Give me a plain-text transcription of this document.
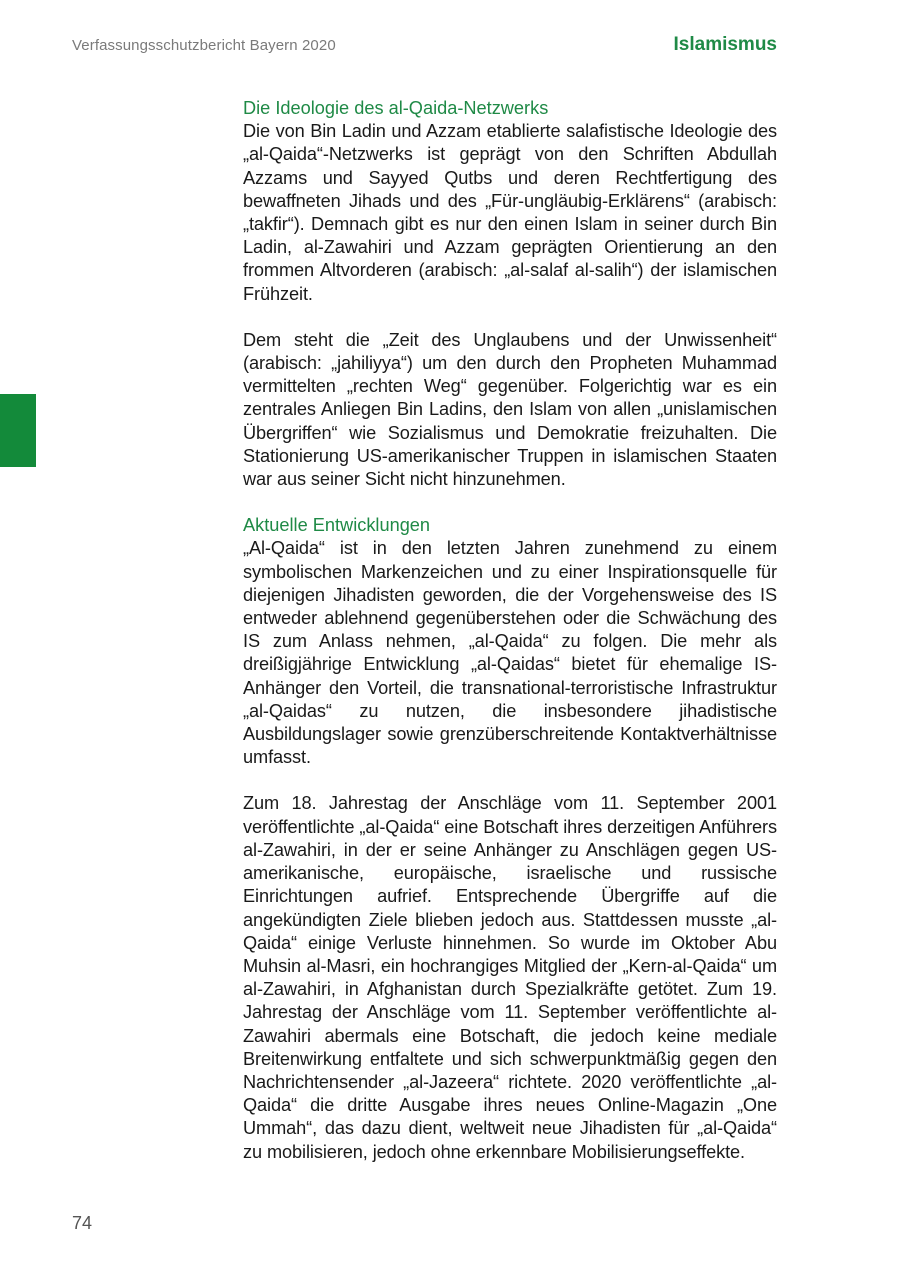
Verfassungsschutzbericht Bayern 2020	Islamismus
Die Ideologie des al-Qaida-Netzwerks

Die von Bin Ladin und Azzam etablierte salafistische Ideologie des „al-Qaida“-Netzwerks ist geprägt von den Schriften Abdullah Azzams und Sayyed Qutbs und deren Rechtfertigung des bewaffneten Jihads und des „Für-ungläubig-Erklärens“ (arabisch: „takfir“). Demnach gibt es nur den einen Islam in seiner durch Bin Ladin, al-Zawahiri und Azzam geprägten Orientierung an den frommen Altvorderen (arabisch: „al-salaf al-salih“) der islamischen Frühzeit.

Dem steht die „Zeit des Unglaubens und der Unwissenheit“ (arabisch: „jahiliyya“) um den durch den Propheten Muhammad vermittelten „rechten Weg“ gegenüber. Folgerichtig war es ein zentrales Anliegen Bin Ladins, den Islam von allen „unislamischen Übergriffen“ wie Sozialismus und Demokratie freizuhalten. Die Stationierung US-amerikanischer Truppen in islamischen Staaten war aus seiner Sicht nicht hinzunehmen.

Aktuelle Entwicklungen

„Al-Qaida“ ist in den letzten Jahren zunehmend zu einem symbolischen Markenzeichen und zu einer Inspirationsquelle für diejenigen Jihadisten geworden, die der Vorgehensweise des IS entweder ablehnend gegenüberstehen oder die Schwächung des IS zum Anlass nehmen, „al-Qaida“ zu folgen. Die mehr als dreißigjährige Entwicklung „al-Qaidas“ bietet für ehemalige IS-Anhänger den Vorteil, die transnational-terroristische Infrastruktur „al-Qaidas“ zu nutzen, die insbesondere jihadistische Ausbildungslager sowie grenzüberschreitende Kontaktverhältnisse umfasst.

Zum 18. Jahrestag der Anschläge vom 11. September 2001 veröffentlichte „al-Qaida“ eine Botschaft ihres derzeitigen Anführers al-Zawahiri, in der er seine Anhänger zu Anschlägen gegen US-amerikanische, europäische, israelische und russische Einrichtungen aufrief. Entsprechende Übergriffe auf die angekündigten Ziele blieben jedoch aus. Stattdessen musste „al-Qaida“ einige Verluste hinnehmen. So wurde im Oktober Abu Muhsin al-Masri, ein hochrangiges Mitglied der „Kern-al-Qaida“ um al-Zawahiri, in Afghanistan durch Spezialkräfte getötet. Zum 19. Jahrestag der Anschläge vom 11. September veröffentlichte al-Zawahiri abermals eine Botschaft, die jedoch keine mediale Breitenwirkung entfaltete und sich schwerpunktmäßig gegen den Nachrichtensender „al-Jazeera“ richtete. 2020 veröffentlichte „al-Qaida“ die dritte Ausgabe ihres neues Online-Magazin „One Ummah“, das dazu dient, weltweit neue Jihadisten für „al-Qaida“ zu mobilisieren, jedoch ohne erkennbare Mobilisierungseffekte.

74
